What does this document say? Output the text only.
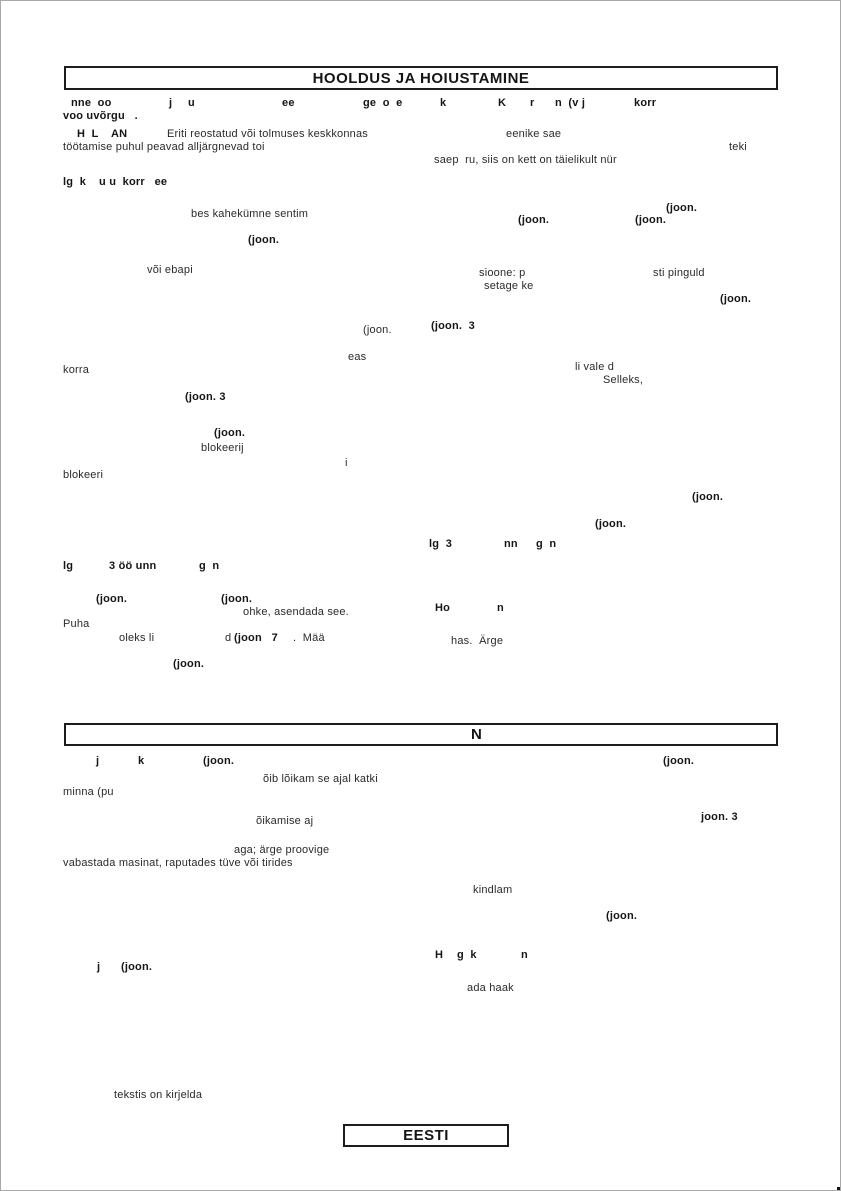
HOOLDUS JA HOIUSTAMINE
N
EESTI
nne  oo	j u	ee	ge  o  e	k	K r n  (v j	korr
voo uvõrgu   .
H  L    AN	Eriti reostatud või tolmuses keskkonnas	eenike sae
töötamise puhul peavad alljärgnevad toi	teki
saep  ru, siis on kett on täielikult nür
lg  k    u u  korr   ee
(joon.
bes kahekümne sentim	(joon.	(joon.
(joon.
või ebapi	sioone: p	sti pinguld
setage ke
(joon.
(joon.	(joon.  3
eas
korra	li vale d
Selleks,
(joon. 3
(joon.
blokeerij
i
blokeeri
(joon.
(joon.
lg  3	nn g  n
lg	3 öö unn	g  n
(joon.	(joon.
ohke, asendada see.	Ho	n
Puha
oleks li	d (joon   7 .  Mää	has.  Ärge
(joon.
j	k	(joon.	(joon.
õib lõikam se ajal katki
minna (pu
õikamise aj	joon. 3
aga; ärge proovige
vabastada masinat, raputades tüve või tirides
kindlam
(joon.
H g  k	n
j (joon.
ada haak
tekstis on kirjelda
